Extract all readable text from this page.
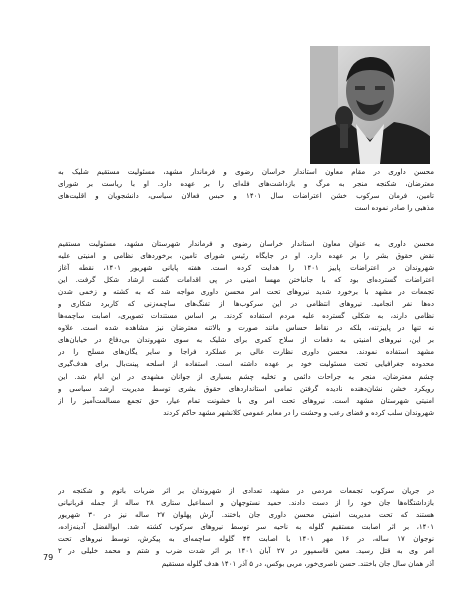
محسن داوری در مقام معاون استاندار خراسان رضوی و فرماندار مشهد، مسئولیت مستقیم شلیک به
معترضان، شکنجه منجر به مرگ و بازداشت‌های فله‌ای را بر عهده دارد. او با ریاست بر شورای
تامین، فرمان سرکوب خشن اعتراضات سال ۱۴۰۱ و حبس فعالان سیاسی، دانشجویان و اقلیت‌های
مذهبی را صادر نموده است
محسن داوری به عنوان معاون استاندار خراسان رضوی و فرماندار شهرستان مشهد، مسئولیت مستقیم
نقض حقوق بشر را بر عهده دارد. او در جایگاه رئیس شورای تامین، برخوردهای نظامی و امنیتی علیه
شهروندان در اعتراضات پاییز ۱۴۰۱ را هدایت کرده است. هفته پایانی شهریور ۱۴۰۱، نقطه آغاز
اعتراضات گسترده‌ای بود که با جانباختن مهسا امینی در پی اقدامات گشت ارشاد شکل گرفت. این
تجمعات در مشهد با برخورد شدید نیروهای تحت امر محسن داوری مواجه شد که به کشته و زخمی شدن
ده‌ها نفر انجامید. نیروهای انتظامی در این سرکوب‌ها از تفنگ‌های ساچمه‌زنی که کاربرد شکاری و
نظامی دارند، به شکلی گسترده علیه مردم استفاده کردند. بر اساس مستندات تصویری، اصابت ساچمه‌ها
نه تنها در پاییزتنه، بلکه در نقاط حساس مانند صورت و بالاتنه معترضان نیز مشاهده شده است. علاوه
بر این، نیروهای امنیتی به دفعات از سلاح کمری برای شلیک به سوی شهروندان بی‌دفاع در خیابان‌های
مشهد استفاده نمودند. محسن داوری نظارت عالی بر عملکرد فراجا و سایر یگان‌های مسلح را در
محدوده جغرافیایی تحت مسئولیت خود بر عهده داشته است. استفاده از اسلحه پینت‌بال برای هدف‌گیری
چشم معترضان، منجر به جراحات دائمی و تخلیه چشم بسیاری از جوانان مشهدی در این ایام شد. این
رویکرد خشن نشان‌دهنده نادیده گرفتن تمامی استانداردهای حقوق بشری توسط مدیریت ارشد سیاسی و
امنیتی شهرستان مشهد است. نیروهای تحت امر وی با خشونت تمام عیار، حق تجمع مسالمت‌آمیز را از
شهروندان سلب کرده و فضای رعب و وحشت را در معابر عمومی کلانشهر مشهد حاکم کردند
در جریان سرکوب تجمعات مردمی در مشهد، تعدادی از شهروندان بر اثر ضربات باتوم و شکنجه در
بازداشتگاه‌ها جان خود را از دست دادند. حمید نستوجهان و اسماعیل ستاری ۲۸ ساله از جمله قربانیانی
هستند که تحت مدیریت امنیتی محسن داوری جان باختند. آرش پهلوان ۲۷ ساله نیز در ۳۰ شهریور
۱۴۰۱، بر اثر اصابت مستقیم گلوله به ناحیه سر توسط نیروهای سرکوب کشته شد. ابوالفضل آدینه‌زاده،
نوجوان ۱۷ ساله، در ۱۶ مهر ۱۴۰۱ با اصابت ۴۴ گلوله ساچمه‌ای به پیکرش، توسط نیروهای تحت
امر وی به قتل رسید. معین قاسمپور در ۲۷ آبان ۱۴۰۱ بر اثر شدت ضرب و شتم و محمد خلیلی در ۲
آذر همان سال جان باختند. حسن ناصری‌خور، مربی بوکس، در ۵ آذر ۱۴۰۱ هدف گلوله مستقیم
79
